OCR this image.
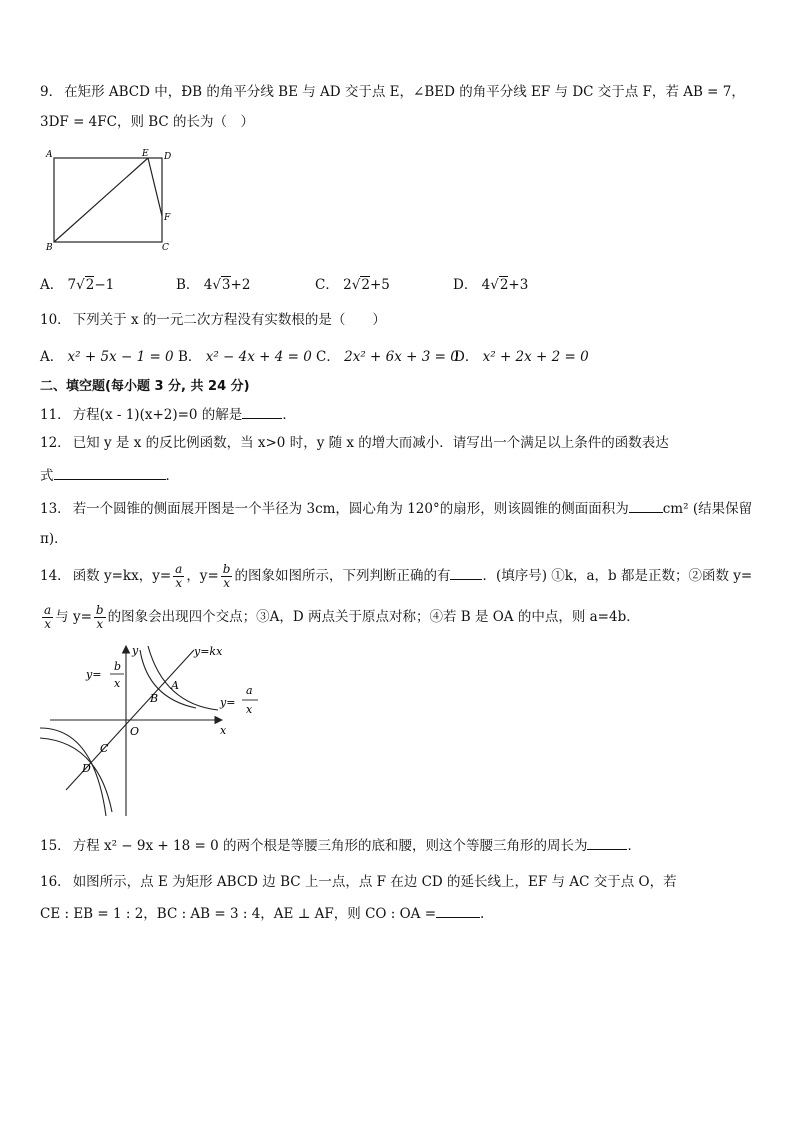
9． 在矩形 ABCD 中，ÐB 的角平分线 BE 与 AD 交于点 E，∠BED 的角平分线 EF 与 DC 交于点 F，若 AB = 7，
3DF = 4FC，则 BC 的长为（　）
A	E D
F
B	C
A． 7√2−1	B． 4√3+2	C． 2√2+5	D． 4√2+3
10． 下列关于 x 的一元二次方程没有实数根的是（　　）
A． x² + 5x − 1 = 0 B． x² − 4x + 4 = 0 C． 2x² + 6x + 3 = 0D． x² + 2x + 2 = 0
二、填空题(每小题 3 分, 共 24 分)
11． 方程(x - 1)(x+2)=0 的解是	．
12． 已知 y 是 x 的反比例函数，当 x>0 时，y 随 x 的增大而减小．请写出一个满足以上条件的函数表达
式	．
13． 若一个圆锥的侧面展开图是一个半径为 3cm，圆心角为 120°的扇形，则该圆锥的侧面面积为	cm² (结果保留
π)．
14． 函数 y=kx，$y= \frac{a}{x}$ ，$y= \frac{b}{x}$ 的图象如图所示，下列判断正确的有 ．(填序号) ①k，a，b 都是正数；②函数 y=
$\frac{a}{x}$ 与 $y= \frac{b}{x}$ 的图象会出现四个交点；③A，D 两点关于原点对称；④若 B 是 OA 的中点，则 a=4b．
y=kx
y
x
O
A
B
C
D
y=
b
x
y=
a
x
15． 方程 x² − 9x + 18 = 0 的两个根是等腰三角形的底和腰，则这个等腰三角形的周长为	．
16． 如图所示，点 E 为矩形 ABCD 边 BC 上一点，点 F 在边 CD 的延长线上，EF 与 AC 交于点 O，若
CE : EB = 1 : 2，BC : AB = 3 : 4，AE ⊥ AF，则 CO : OA =	.
